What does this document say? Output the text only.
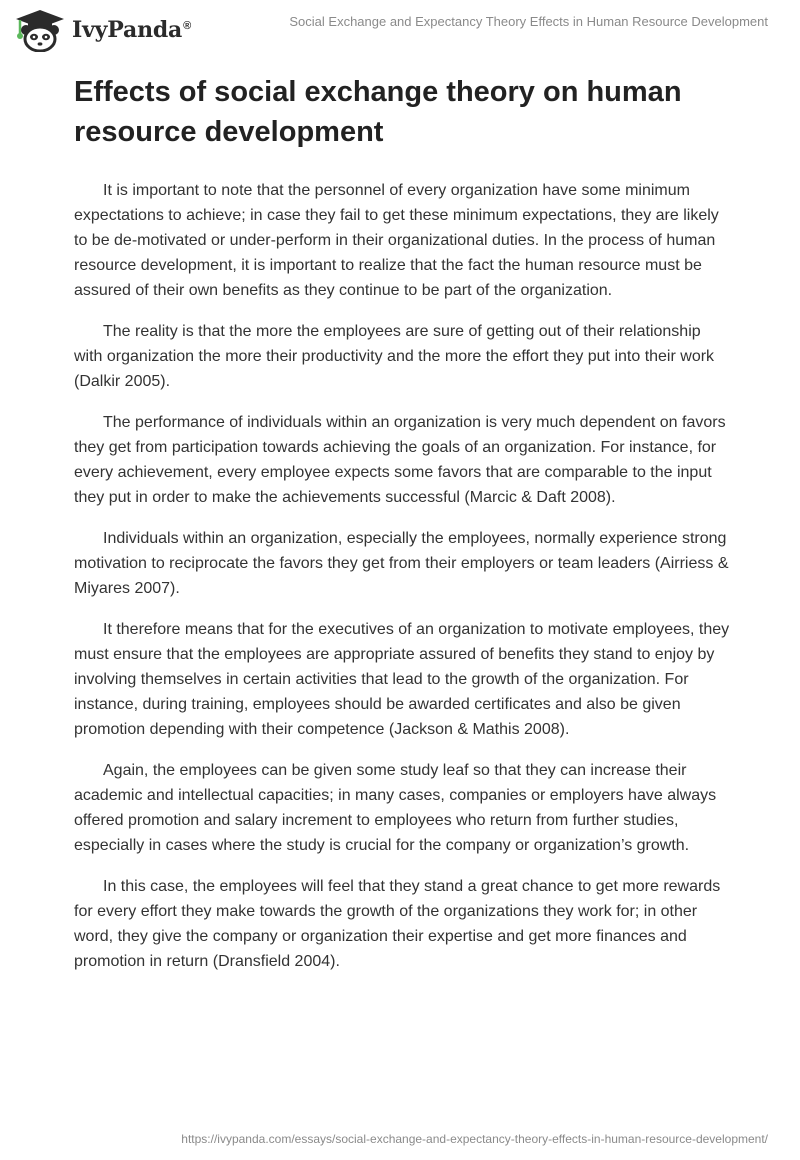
IvyPanda®	Social Exchange and Expectancy Theory Effects in Human Resource Development
Effects of social exchange theory on human resource development

It is important to note that the personnel of every organization have some minimum expectations to achieve; in case they fail to get these minimum expectations, they are likely to be de-motivated or under-perform in their organizational duties. In the process of human resource development, it is important to realize that the fact the human resource must be assured of their own benefits as they continue to be part of the organization.

The reality is that the more the employees are sure of getting out of their relationship with organization the more their productivity and the more the effort they put into their work (Dalkir 2005).

The performance of individuals within an organization is very much dependent on favors they get from participation towards achieving the goals of an organization. For instance, for every achievement, every employee expects some favors that are comparable to the input they put in order to make the achievements successful (Marcic & Daft 2008).

Individuals within an organization, especially the employees, normally experience strong motivation to reciprocate the favors they get from their employers or team leaders (Airriess & Miyares 2007).

It therefore means that for the executives of an organization to motivate employees, they must ensure that the employees are appropriate assured of benefits they stand to enjoy by involving themselves in certain activities that lead to the growth of the organization. For instance, during training, employees should be awarded certificates and also be given promotion depending with their competence (Jackson & Mathis 2008).

Again, the employees can be given some study leaf so that they can increase their academic and intellectual capacities; in many cases, companies or employers have always offered promotion and salary increment to employees who return from further studies, especially in cases where the study is crucial for the company or organization’s growth.

In this case, the employees will feel that they stand a great chance to get more rewards for every effort they make towards the growth of the organizations they work for; in other word, they give the company or organization their expertise and get more finances and promotion in return (Dransfield 2004).

https://ivypanda.com/essays/social-exchange-and-expectancy-theory-effects-in-human-resource-development/
